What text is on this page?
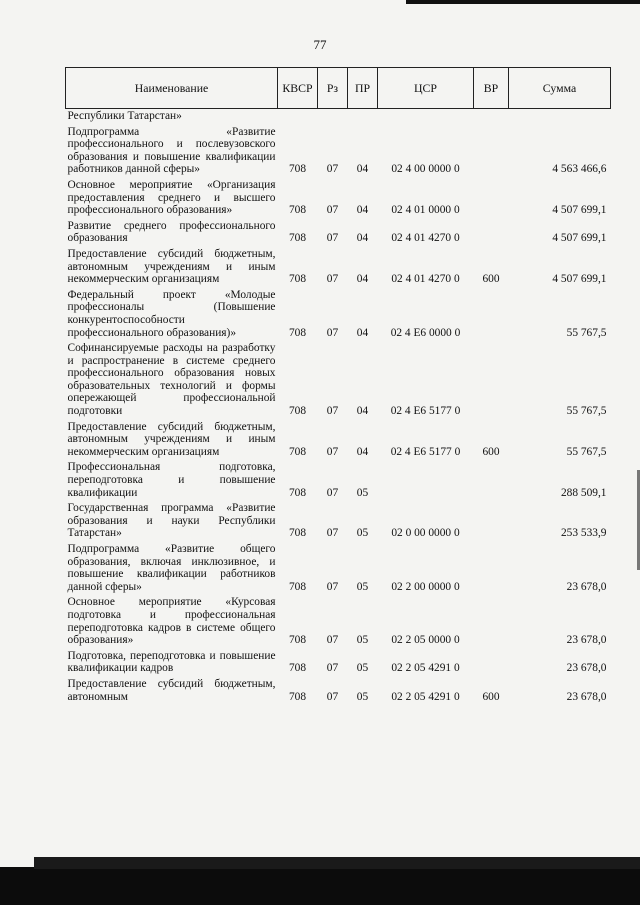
77
Наименование	КВСР	Рз	ПР	ЦСР	ВР	Сумма
Республики Татарстан»						
Подпрограмма «Развитие профессионального и послевузовского образования и повышение квалификации работников данной сферы»	708	07	04	02 4 00 0000 0		4 563 466,6
Основное мероприятие «Организация предоставления среднего и высшего профессионального образования»	708	07	04	02 4 01 0000 0		4 507 699,1
Развитие среднего профессионального образования	708	07	04	02 4 01 4270 0		4 507 699,1
Предоставление субсидий бюджетным, автономным учреждениям и иным некоммерческим организациям	708	07	04	02 4 01 4270 0	600	4 507 699,1
Федеральный проект «Молодые профессионалы (Повышение конкурентоспособности профессионального образования)»	708	07	04	02 4 Е6 0000 0		55 767,5
Софинансируемые расходы на разработку и распространение в системе среднего профессионального образования новых образовательных технологий и формы опережающей профессиональной подготовки	708	07	04	02 4 Е6 5177 0		55 767,5
Предоставление субсидий бюджетным, автономным учреждениям и иным некоммерческим организациям	708	07	04	02 4 Е6 5177 0	600	55 767,5
Профессиональная подготовка, переподготовка и повышение квалификации	708	07	05			288 509,1
Государственная программа «Развитие образования и науки Республики Татарстан»	708	07	05	02 0 00 0000 0		253 533,9
Подпрограмма «Развитие общего образования, включая инклюзивное, и повышение квалификации работников данной сферы»	708	07	05	02 2 00 0000 0		23 678,0
Основное мероприятие «Курсовая подготовка и профессиональная переподготовка кадров в системе общего образования»	708	07	05	02 2 05 0000 0		23 678,0
Подготовка, переподготовка и повышение квалификации кадров	708	07	05	02 2 05 4291 0		23 678,0
Предоставление субсидий бюджетным, автономным	708	07	05	02 2 05 4291 0	600	23 678,0
